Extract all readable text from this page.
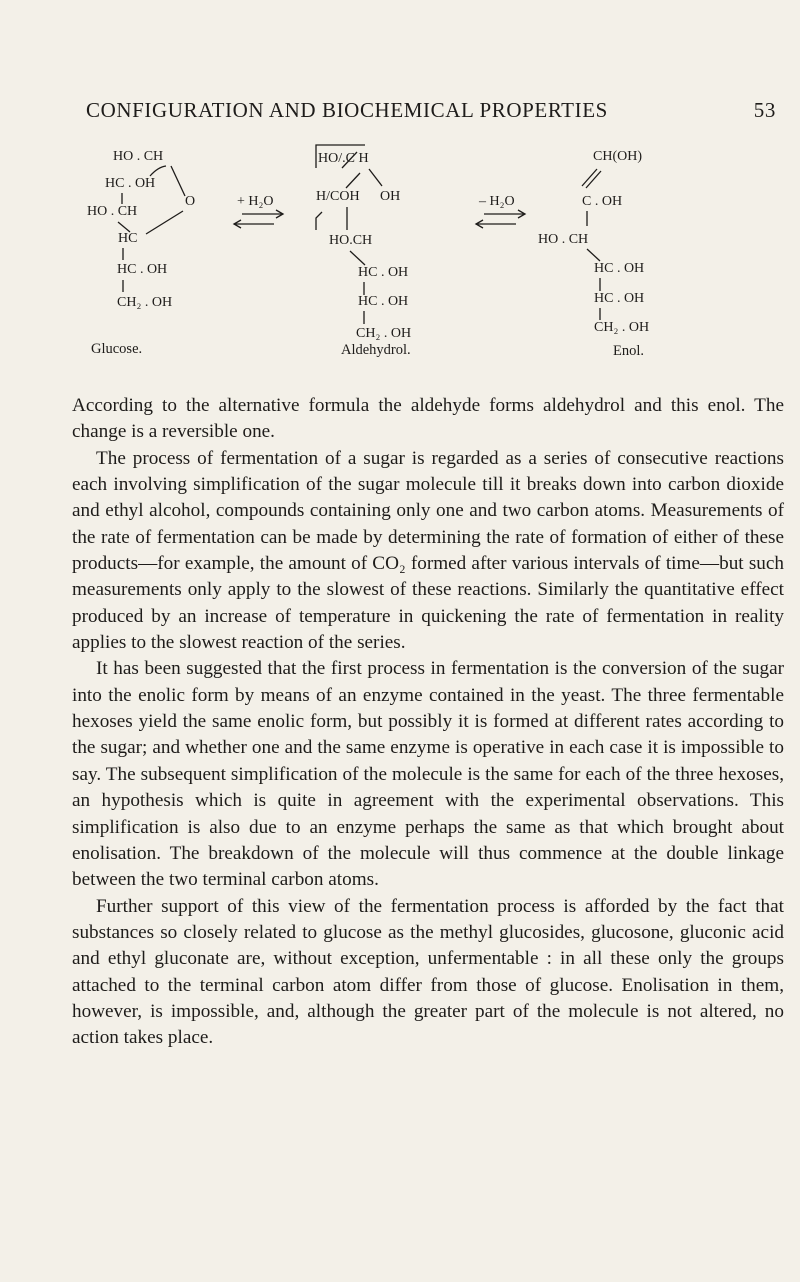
CONFIGURATION AND BIOCHEMICAL PROPERTIES	53
HO . CH
HC . OH
HO . CH
O
HC
HC . OH
CH₂ . OH
Glucose.
+ H₂O
HO/.C H
H/COH OH
HO.CH
HC . OH
HC . OH
CH₂ . OH
Aldehydrol.
– H₂O
CH(OH)
C . OH
HO . CH
HC . OH
HC . OH
CH₂ . OH
Enol.

According to the alternative formula the aldehyde forms aldehydrol and this enol. The change is a reversible one.

The process of fermentation of a sugar is regarded as a series of consecutive reactions each involving simplification of the sugar molecule till it breaks down into carbon dioxide and ethyl alcohol, compounds containing only one and two carbon atoms. Measurements of the rate of fermentation can be made by determining the rate of formation of either of these products—for example, the amount of CO₂ formed after various intervals of time—but such measurements only apply to the slowest of these reactions. Similarly the quantitative effect produced by an increase of temperature in quickening the rate of fermentation in reality applies to the slowest reaction of the series.

It has been suggested that the first process in fermentation is the conversion of the sugar into the enolic form by means of an enzyme contained in the yeast. The three fermentable hexoses yield the same enolic form, but possibly it is formed at different rates according to the sugar; and whether one and the same enzyme is operative in each case it is impossible to say. The subsequent simplification of the molecule is the same for each of the three hexoses, an hypothesis which is quite in agreement with the experimental observations. This simplification is also due to an enzyme perhaps the same as that which brought about enolisation. The breakdown of the molecule will thus commence at the double linkage between the two terminal carbon atoms.

Further support of this view of the fermentation process is afforded by the fact that substances so closely related to glucose as the methyl glucosides, glucosone, gluconic acid and ethyl gluconate are, without exception, unfermentable : in all these only the groups attached to the terminal carbon atom differ from those of glucose. Enolisation in them, however, is impossible, and, although the greater part of the molecule is not altered, no action takes place.
